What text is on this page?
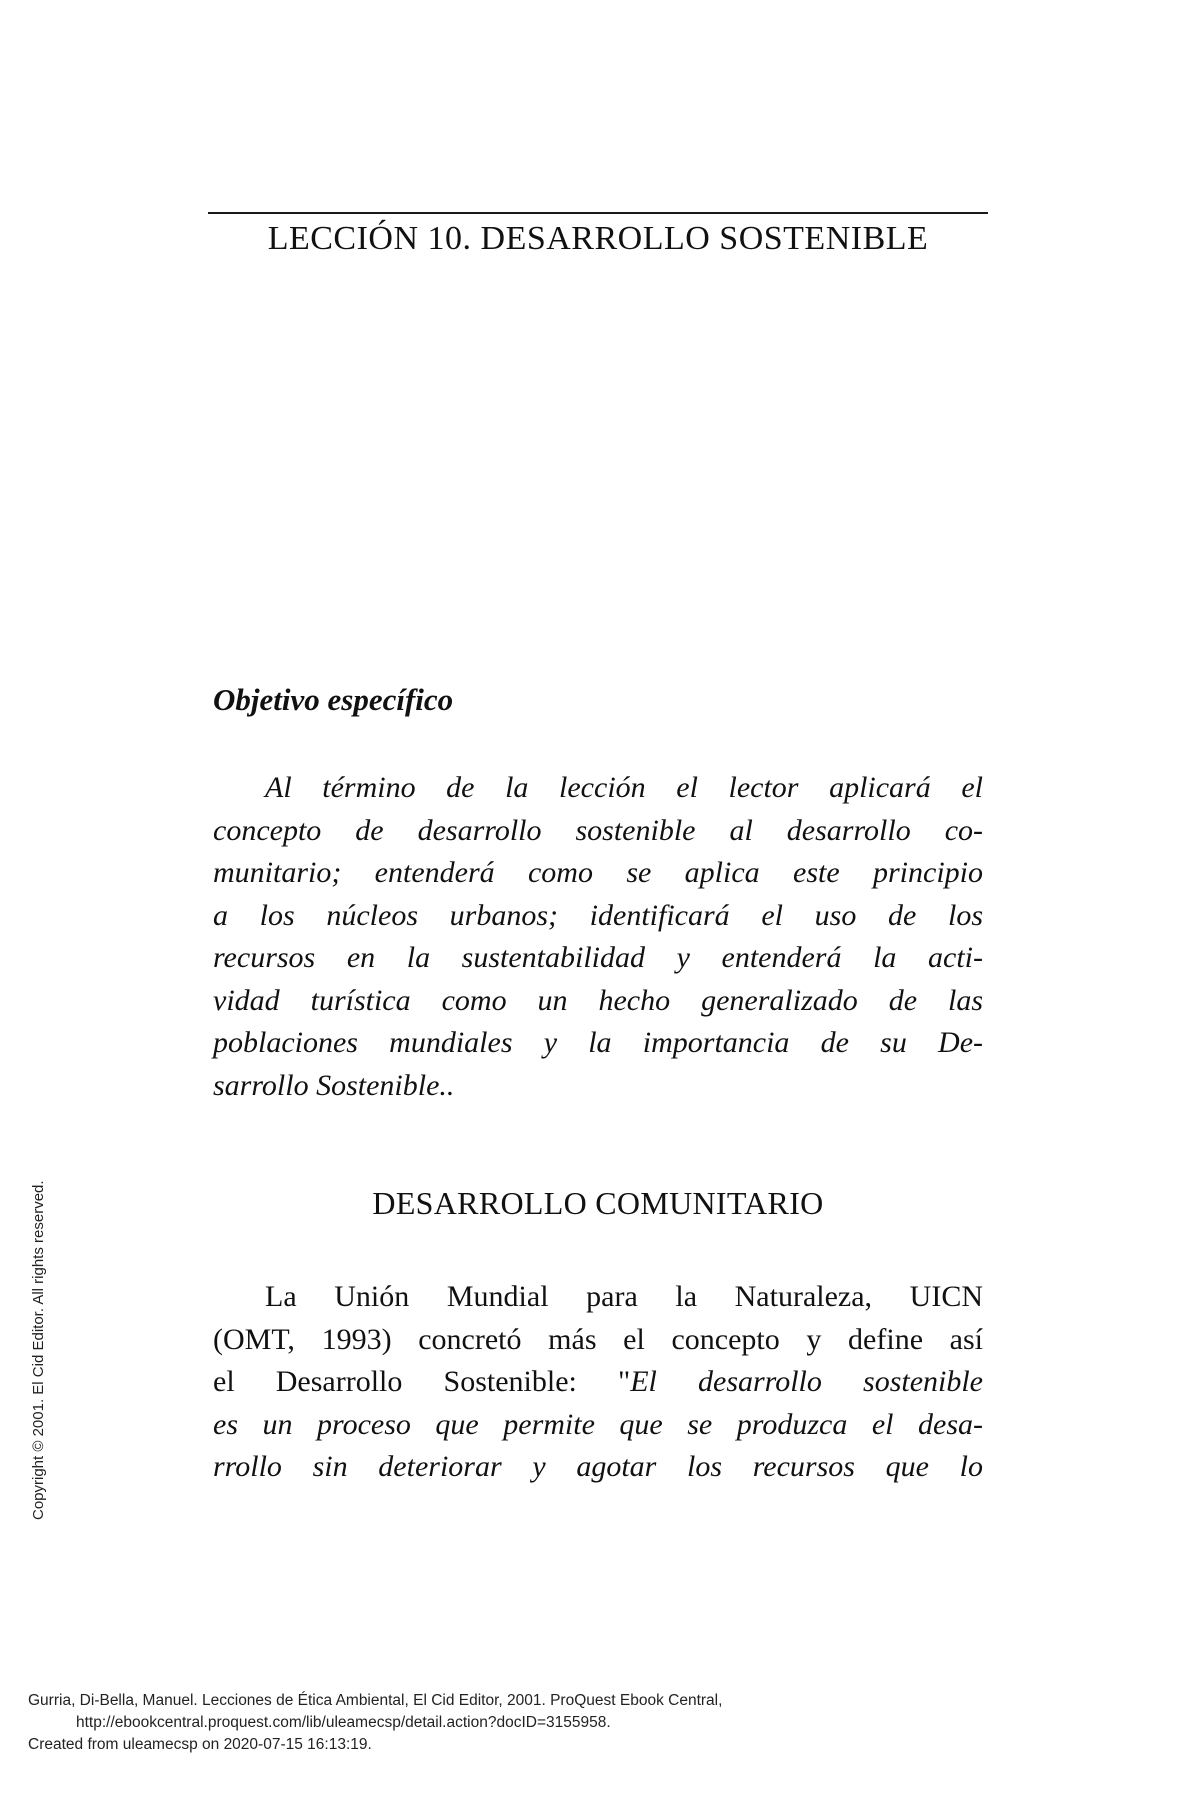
LECCIÓN 10. DESARROLLO SOSTENIBLE
Objetivo específico
Al término de la lección el lector aplicará el
concepto de desarrollo sostenible al desarrollo co-
munitario; entenderá como se aplica este principio
a los núcleos urbanos; identificará el uso de los
recursos en la sustentabilidad y entenderá la acti-
vidad turística como un hecho generalizado de las
poblaciones mundiales y la importancia de su De-
sarrollo Sostenible..
DESARROLLO COMUNITARIO
La Unión Mundial para la Naturaleza, UICN
(OMT, 1993) concretó más el concepto y define así
el Desarrollo Sostenible: "El desarrollo sostenible
es un proceso que permite que se produzca el desa-
rrollo sin deteriorar y agotar los recursos que lo
Copyright © 2001. El Cid Editor. All rights reserved.
Gurria, Di-Bella, Manuel. Lecciones de Ética Ambiental, El Cid Editor, 2001. ProQuest Ebook Central,
http://ebookcentral.proquest.com/lib/uleamecsp/detail.action?docID=3155958.
Created from uleamecsp on 2020-07-15 16:13:19.
